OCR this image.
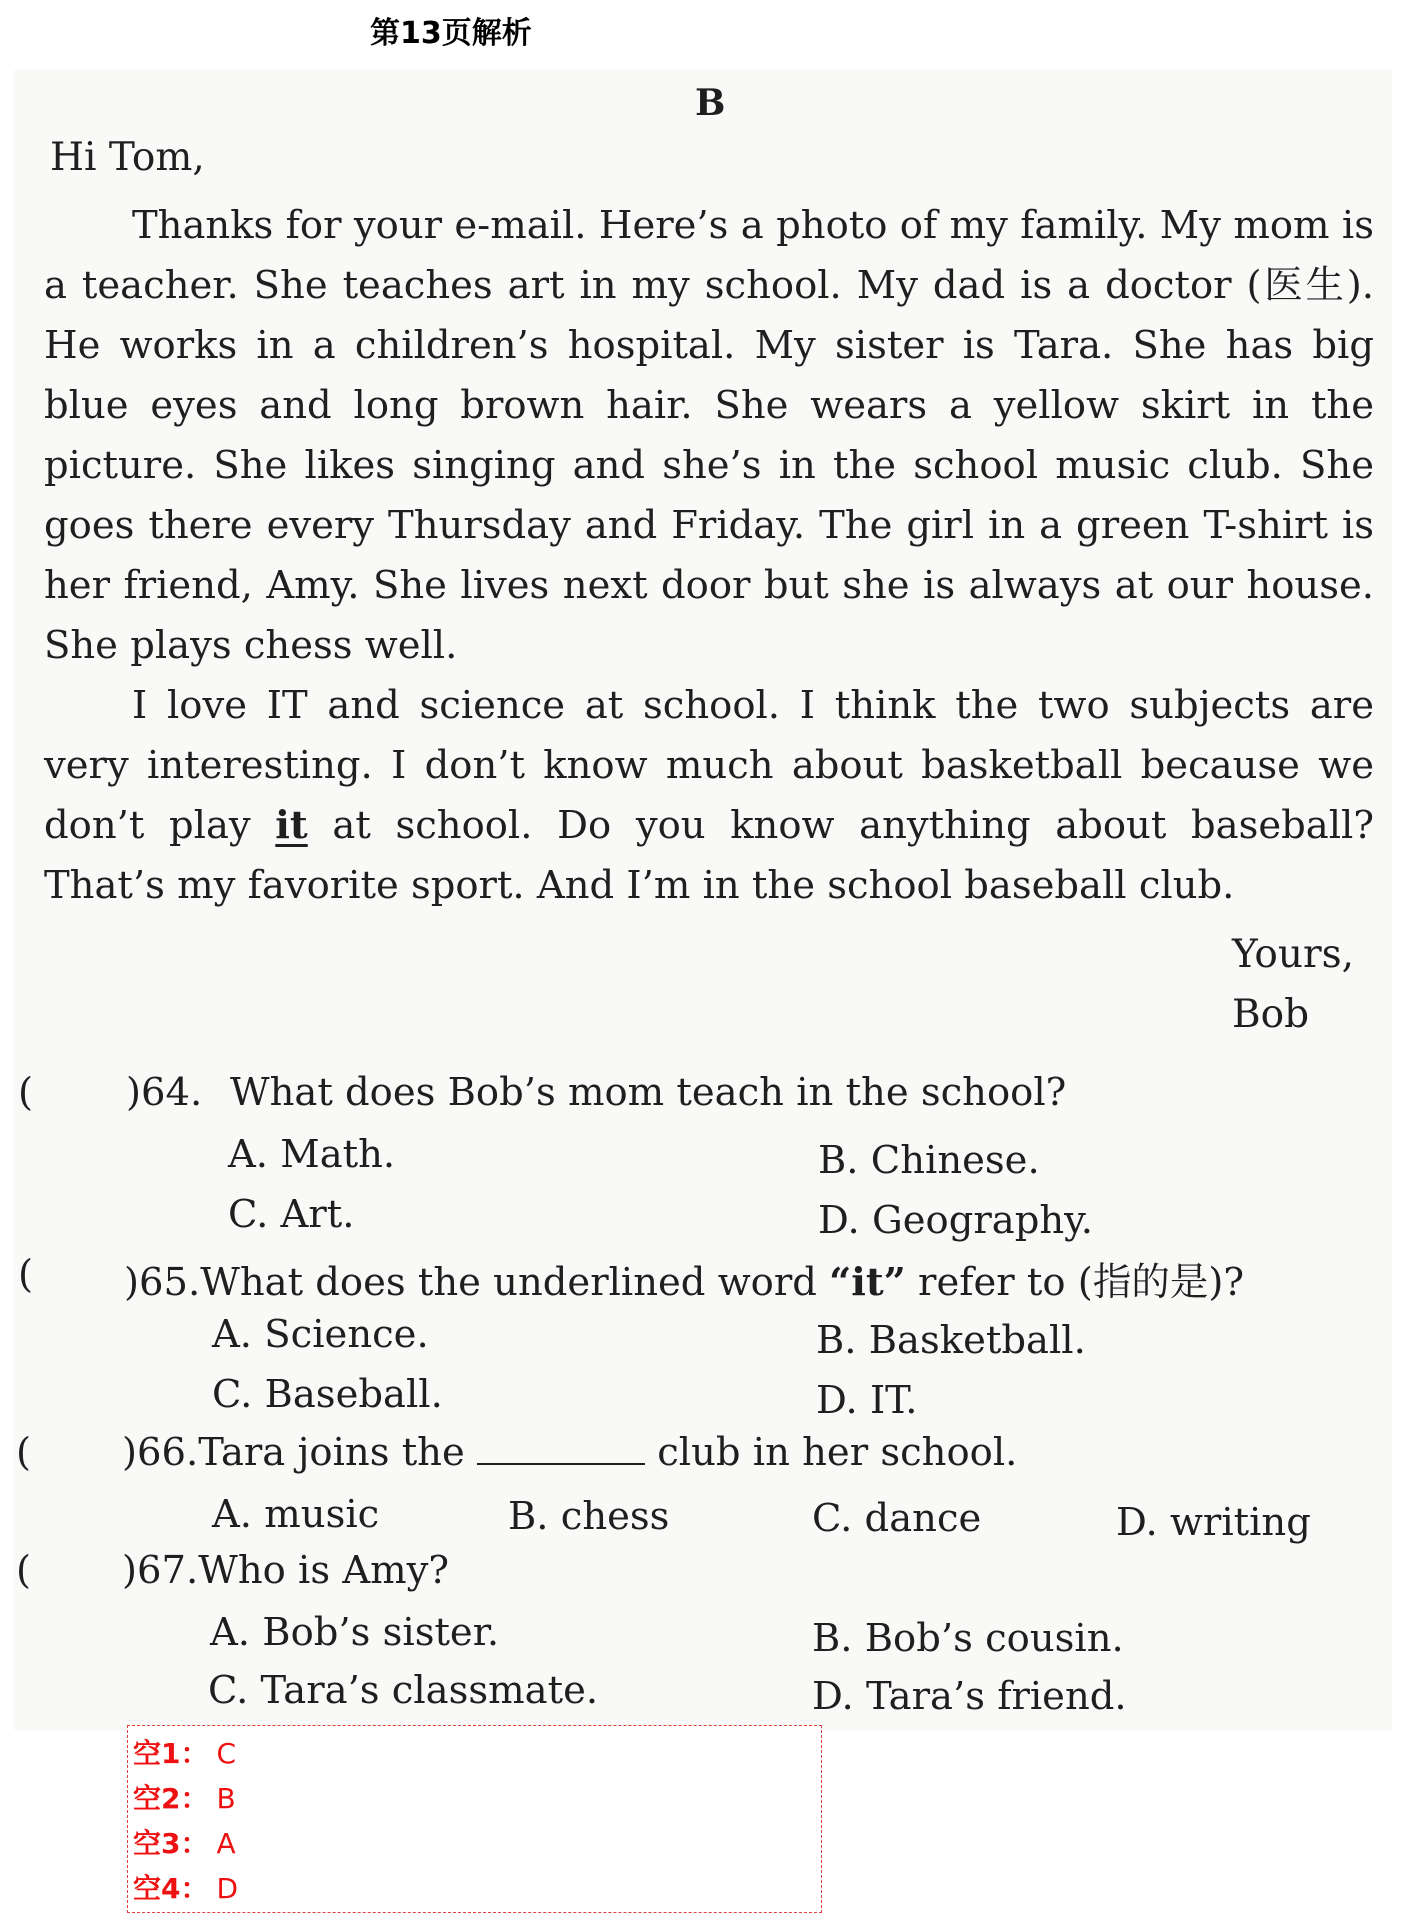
第13页解析
B
Hi Tom,

Thanks for your e-mail. Here’s a photo of my family. My mom is a teacher. She teaches art in my school. My dad is a doctor (医生). He works in a children’s hospital. My sister is Tara. She has big blue eyes and long brown hair. She wears a yellow skirt in the picture. She likes singing and she’s in the school music club. She goes there every Thursday and Friday. The girl in a green T-shirt is her friend, Amy. She lives next door but she is always at our house. She plays chess well.

I love IT and science at school. I think the two subjects are very interesting. I don’t know much about basketball because we don’t play it at school. Do you know anything about baseball? That’s my favorite sport. And I’m in the school baseball club.

Yours,
Bob
( )64. What does Bob’s mom teach in the school?
A. Math.	B. Chinese.
C. Art.	D. Geography.
( )65.What does the underlined word “it” refer to (指的是)?
A. Science.	B. Basketball.
C. Baseball.	D. IT.
( )66.Tara joins the	club in her school.
A. music	B. chess	C. dance	D. writing
( )67.Who is Amy?
A. Bob’s sister.	B. Bob’s cousin.
C. Tara’s classmate.	D. Tara’s friend.
空1： C
空2： B
空3： A
空4： D
